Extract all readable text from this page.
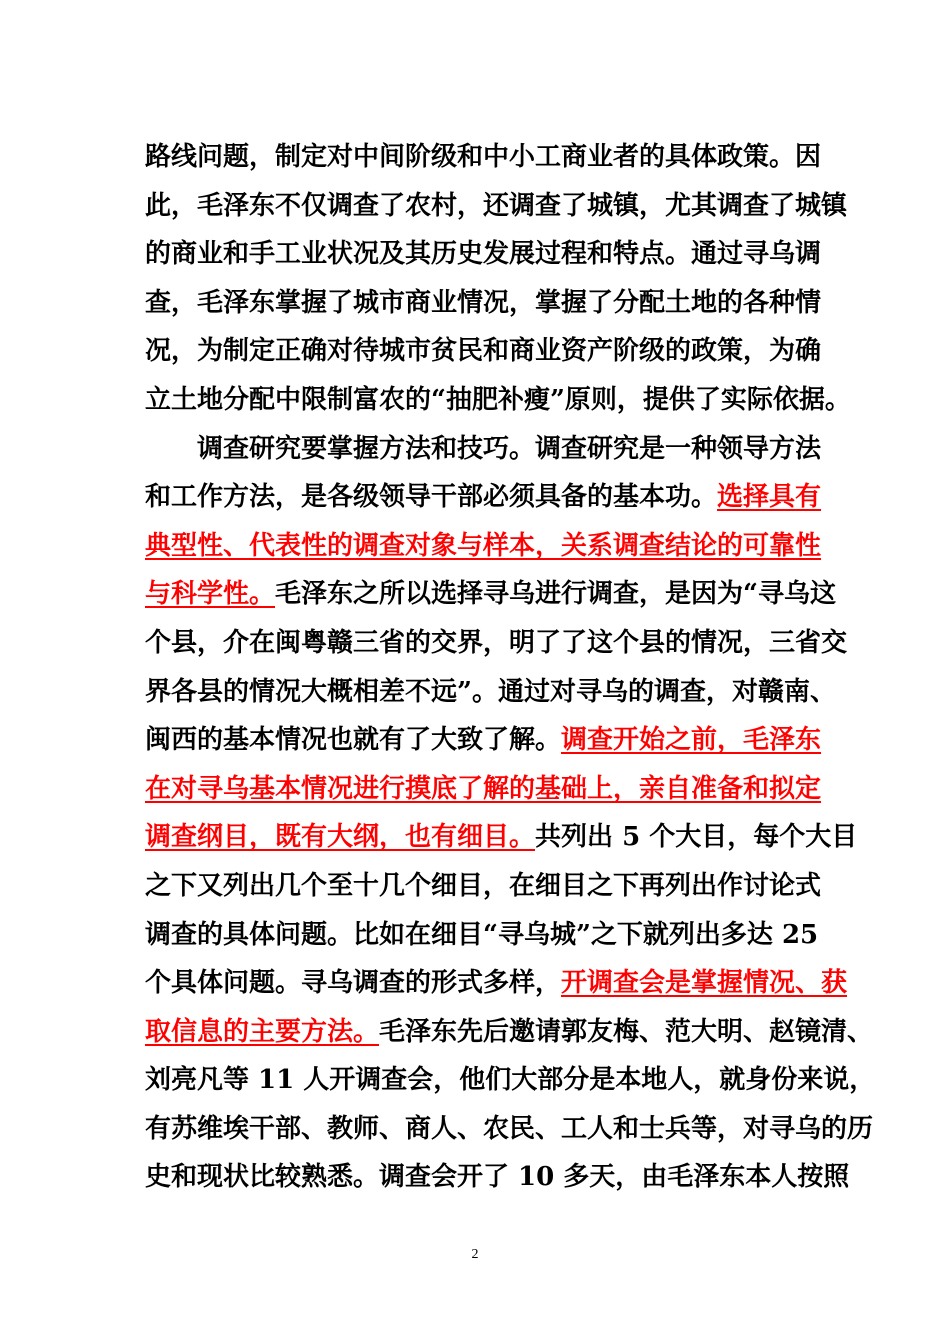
路线问题，制定对中间阶级和中小工商业者的具体政策。因
此，毛泽东不仅调查了农村，还调查了城镇，尤其调查了城镇
的商业和手工业状况及其历史发展过程和特点。通过寻乌调
查，毛泽东掌握了城市商业情况，掌握了分配土地的各种情
况，为制定正确对待城市贫民和商业资产阶级的政策，为确
立土地分配中限制富农的“抽肥补瘦”原则，提供了实际依据。
调查研究要掌握方法和技巧。调查研究是一种领导方法
和工作方法，是各级领导干部必须具备的基本功。选择具有
典型性、代表性的调查对象与样本，关系调查结论的可靠性
与科学性。毛泽东之所以选择寻乌进行调查，是因为“寻乌这
个县，介在闽粤赣三省的交界，明了了这个县的情况，三省交
界各县的情况大概相差不远”。通过对寻乌的调查，对赣南、
闽西的基本情况也就有了大致了解。调查开始之前，毛泽东
在对寻乌基本情况进行摸底了解的基础上，亲自准备和拟定
调查纲目，既有大纲，也有细目。共列出 5 个大目，每个大目
之下又列出几个至十几个细目，在细目之下再列出作讨论式
调查的具体问题。比如在细目“寻乌城”之下就列出多达 25
个具体问题。寻乌调查的形式多样，开调查会是掌握情况、获
取信息的主要方法。毛泽东先后邀请郭友梅、范大明、赵镜清、
刘亮凡等 11 人开调查会，他们大部分是本地人，就身份来说，
有苏维埃干部、教师、商人、农民、工人和士兵等，对寻乌的历
史和现状比较熟悉。调查会开了 10 多天，由毛泽东本人按照
2
